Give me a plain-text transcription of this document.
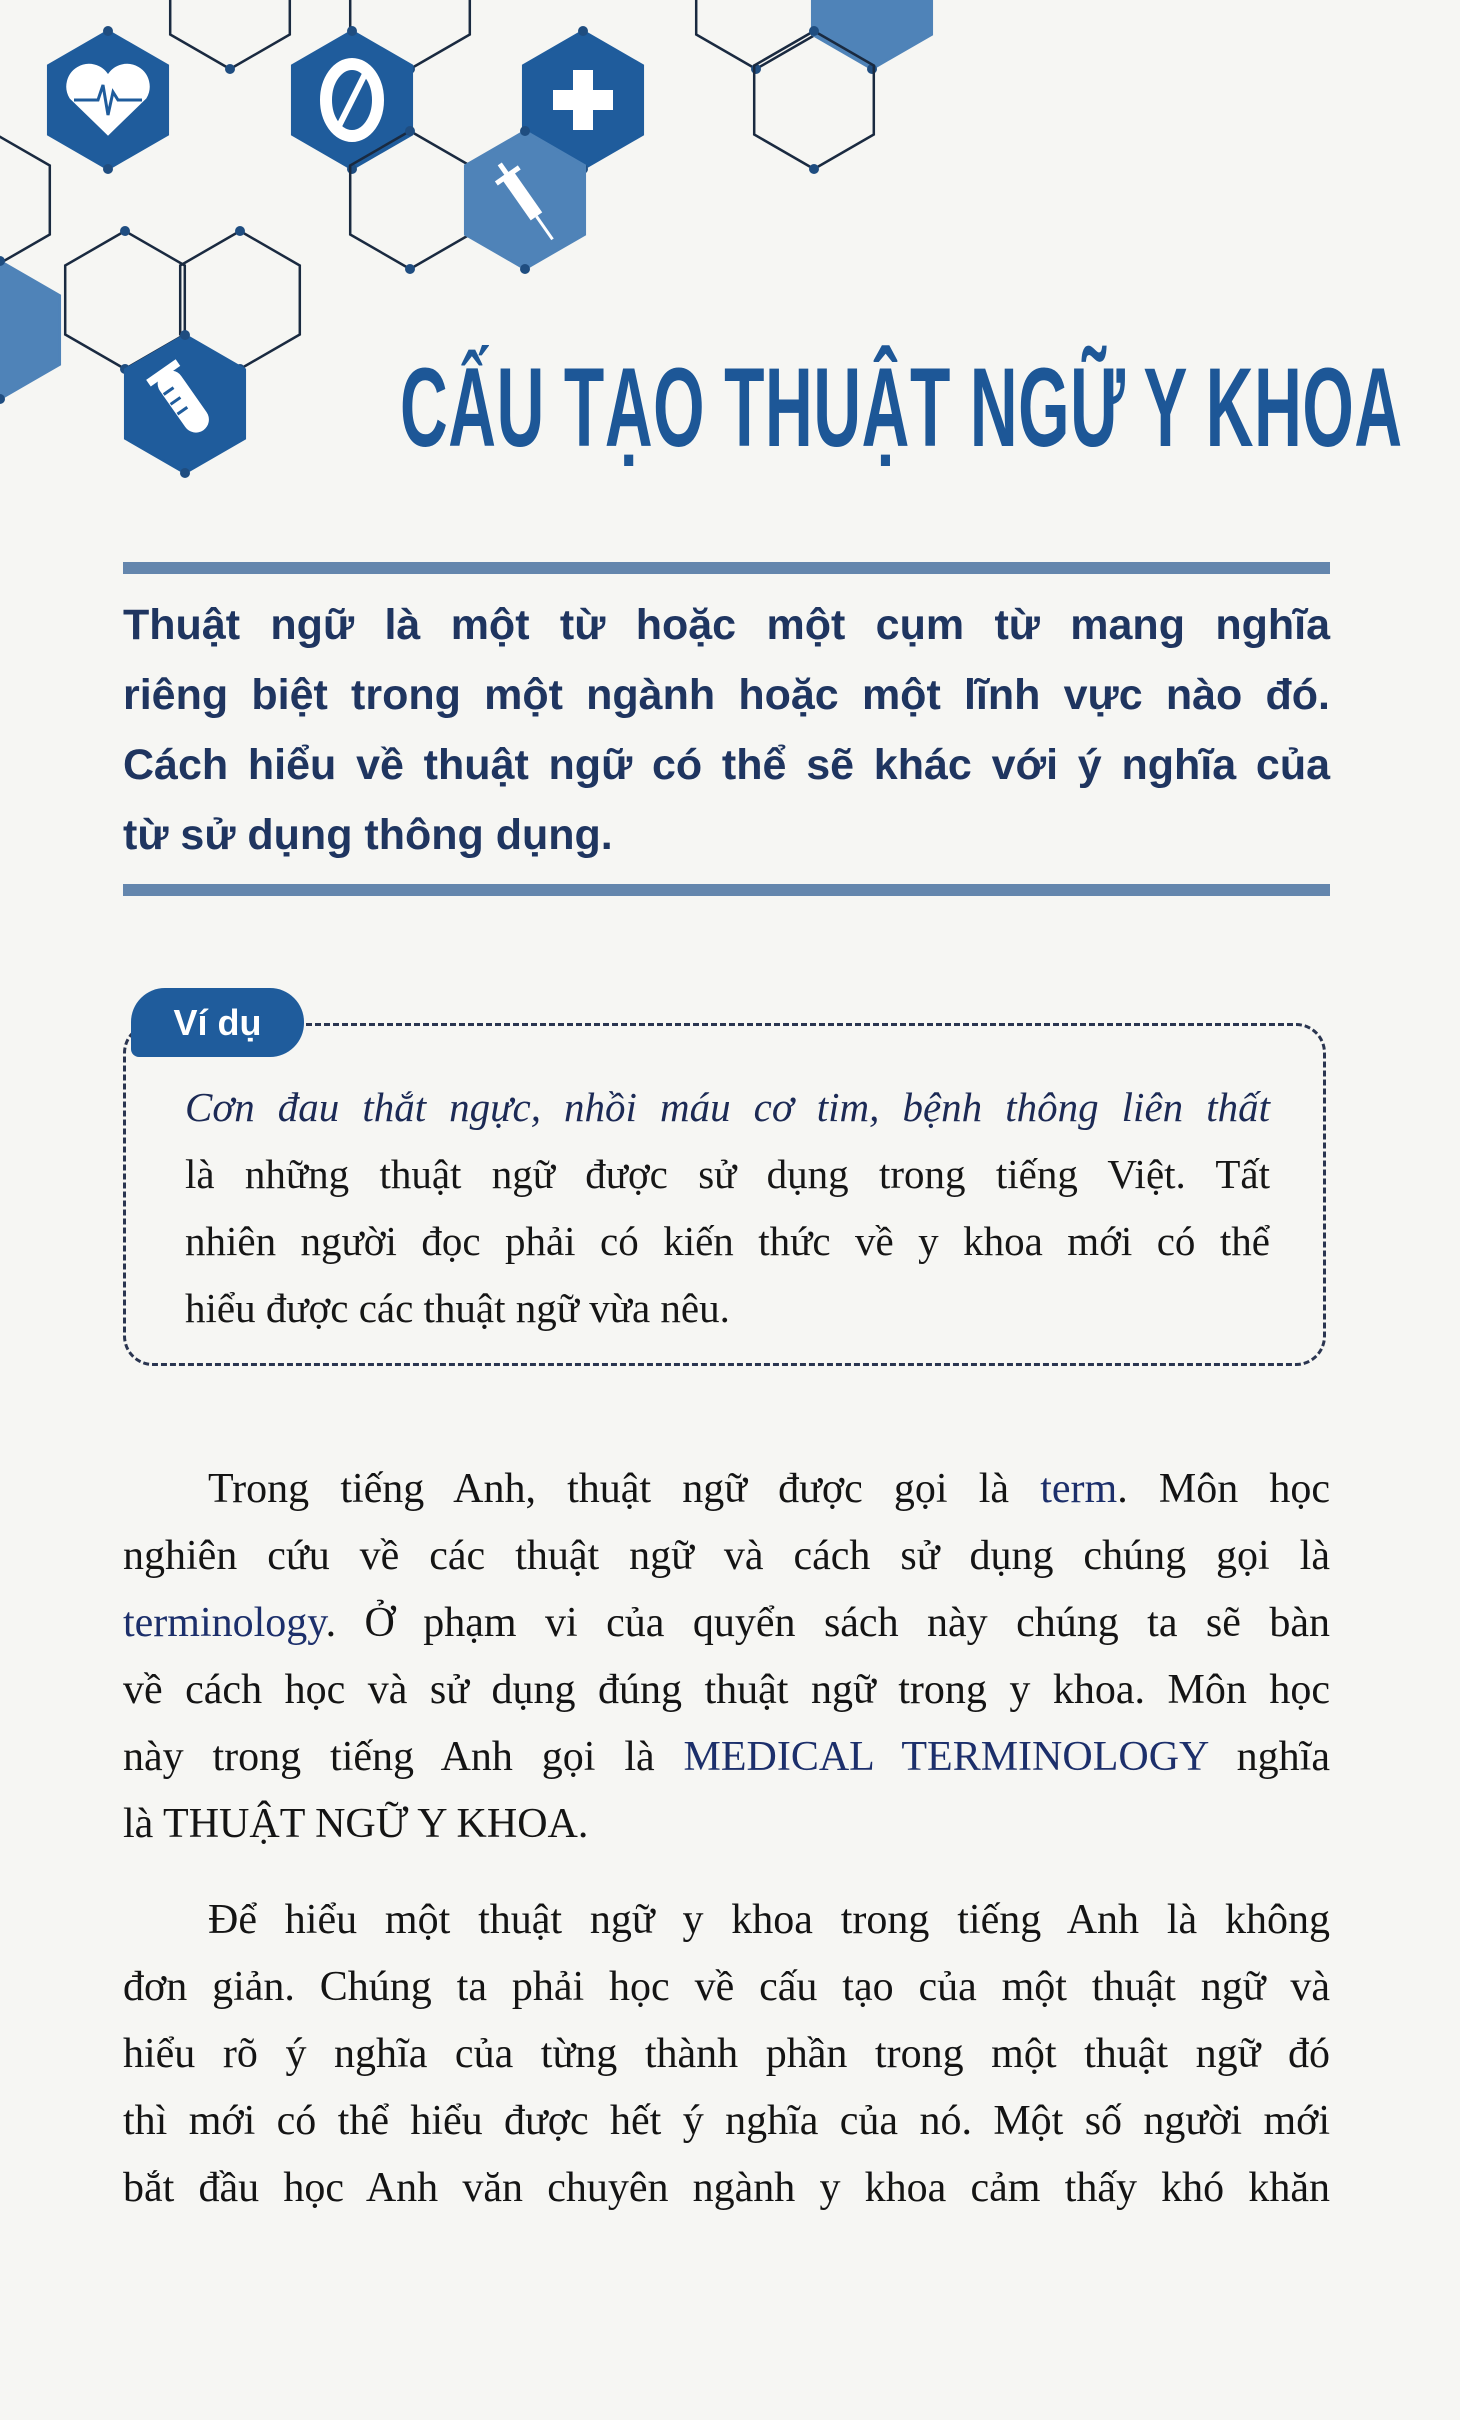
CẤU TẠO THUẬT NGỮ Y KHOA
Thuật ngữ là một từ hoặc một cụm từ mang nghĩa
riêng biệt trong một ngành hoặc một lĩnh vực nào đó.
Cách hiểu về thuật ngữ có thể sẽ khác với ý nghĩa của
từ sử dụng thông dụng.
Ví dụ
Cơn đau thắt ngực, nhồi máu cơ tim, bệnh thông liên thất
là những thuật ngữ được sử dụng trong tiếng Việt. Tất
nhiên người đọc phải có kiến thức về y khoa mới có thể
hiểu được các thuật ngữ vừa nêu.
Trong tiếng Anh, thuật ngữ được gọi là term. Môn học
nghiên cứu về các thuật ngữ và cách sử dụng chúng gọi là
terminology. Ở phạm vi của quyển sách này chúng ta sẽ bàn
về cách học và sử dụng đúng thuật ngữ trong y khoa. Môn học
này trong tiếng Anh gọi là MEDICAL TERMINOLOGY nghĩa
là THUẬT NGỮ Y KHOA.
Để hiểu một thuật ngữ y khoa trong tiếng Anh là không
đơn giản. Chúng ta phải học về cấu tạo của một thuật ngữ và
hiểu rõ ý nghĩa của từng thành phần trong một thuật ngữ đó
thì mới có thể hiểu được hết ý nghĩa của nó. Một số người mới
bắt đầu học Anh văn chuyên ngành y khoa cảm thấy khó khăn
